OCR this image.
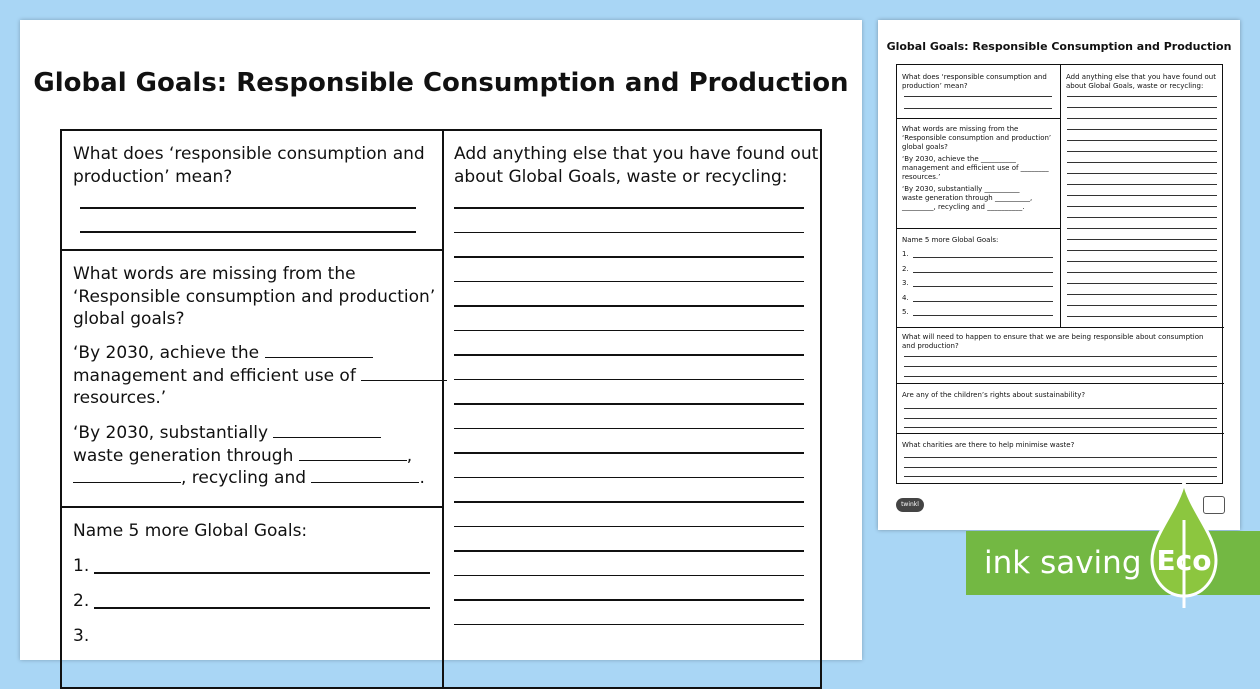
Global Goals: Responsible Consumption and Production
What does ‘responsible consumption and
production’ mean?
What words are missing from the
‘Responsible consumption and production’
global goals?
‘By 2030, achieve the
management and efficient use of
resources.’
‘By 2030, substantially
waste generation through	,
, recycling and	.
Name 5 more Global Goals:
1.
2.
3.
Add anything else that you have found out
about Global Goals, waste or recycling:
Global Goals: Responsible Consumption and Production
What does ‘responsible consumption and
production’ mean?
What words are missing from the
‘Responsible consumption and production’
global goals?
‘By 2030, achieve the __________
management and efficient use of ________
resources.’
‘By 2030, substantially __________
waste generation through __________,
_________, recycling and __________.
Name 5 more Global Goals:
1.
2.
3.
4.
5.
Add anything else that you have found out
about Global Goals, waste or recycling:
What will need to happen to ensure that we are being responsible about consumption
and production?
Are any of the children’s rights about sustainability?
What charities are there to help minimise waste?
twinkl
ink saving Eco
